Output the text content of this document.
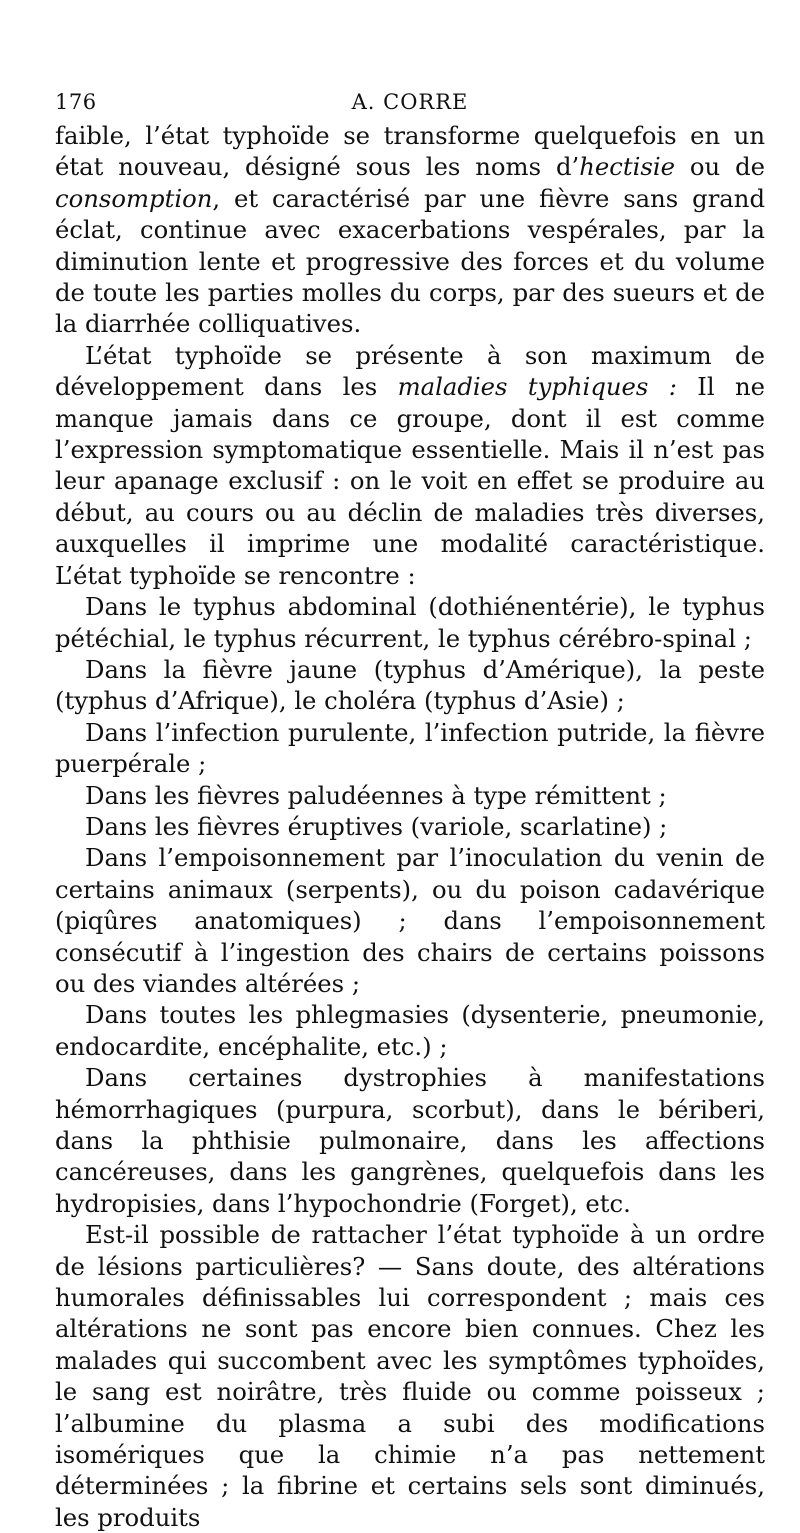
176	A. CORRE

faible, l’état typhoïde se transforme quelquefois en un état nouveau, désigné sous les noms d’hectisie ou de consomption, et caractérisé par une fièvre sans grand éclat, continue avec exacerbations vespérales, par la diminution lente et progressive des forces et du volume de toute les parties molles du corps, par des sueurs et de la diarrhée colliquatives.

L’état typhoïde se présente à son maximum de développement dans les maladies typhiques : Il ne manque jamais dans ce groupe, dont il est comme l’expression symptomatique essentielle. Mais il n’est pas leur apanage exclusif : on le voit en effet se produire au début, au cours ou au déclin de maladies très diverses, auxquelles il imprime une modalité caractéristique. L’état typhoïde se rencontre :

Dans le typhus abdominal (dothiénentérie), le typhus pétéchial, le typhus récurrent, le typhus cérébro-spinal ;

Dans la fièvre jaune (typhus d’Amérique), la peste (typhus d’Afrique), le choléra (typhus d’Asie) ;

Dans l’infection purulente, l’infection putride, la fièvre puerpérale ;

Dans les fièvres paludéennes à type rémittent ;

Dans les fièvres éruptives (variole, scarlatine) ;

Dans l’empoisonnement par l’inoculation du venin de certains animaux (serpents), ou du poison cadavérique (piqûres anatomiques) ; dans l’empoisonnement consécutif à l’ingestion des chairs de certains poissons ou des viandes altérées ;

Dans toutes les phlegmasies (dysenterie, pneumonie, endocardite, encéphalite, etc.) ;

Dans certaines dystrophies à manifestations hémorrhagiques (purpura, scorbut), dans le bériberi, dans la phthisie pulmonaire, dans les affections cancéreuses, dans les gangrènes, quelquefois dans les hydropisies, dans l’hypochondrie (Forget), etc.

Est-il possible de rattacher l’état typhoïde à un ordre de lésions particulières? — Sans doute, des altérations humorales définissables lui correspondent ; mais ces altérations ne sont pas encore bien connues. Chez les malades qui succombent avec les symptômes typhoïdes, le sang est noirâtre, très fluide ou comme poisseux ; l’albumine du plasma a subi des modifications isomériques que la chimie n’a pas nettement déterminées ; la fibrine et certains sels sont diminués, les produits
